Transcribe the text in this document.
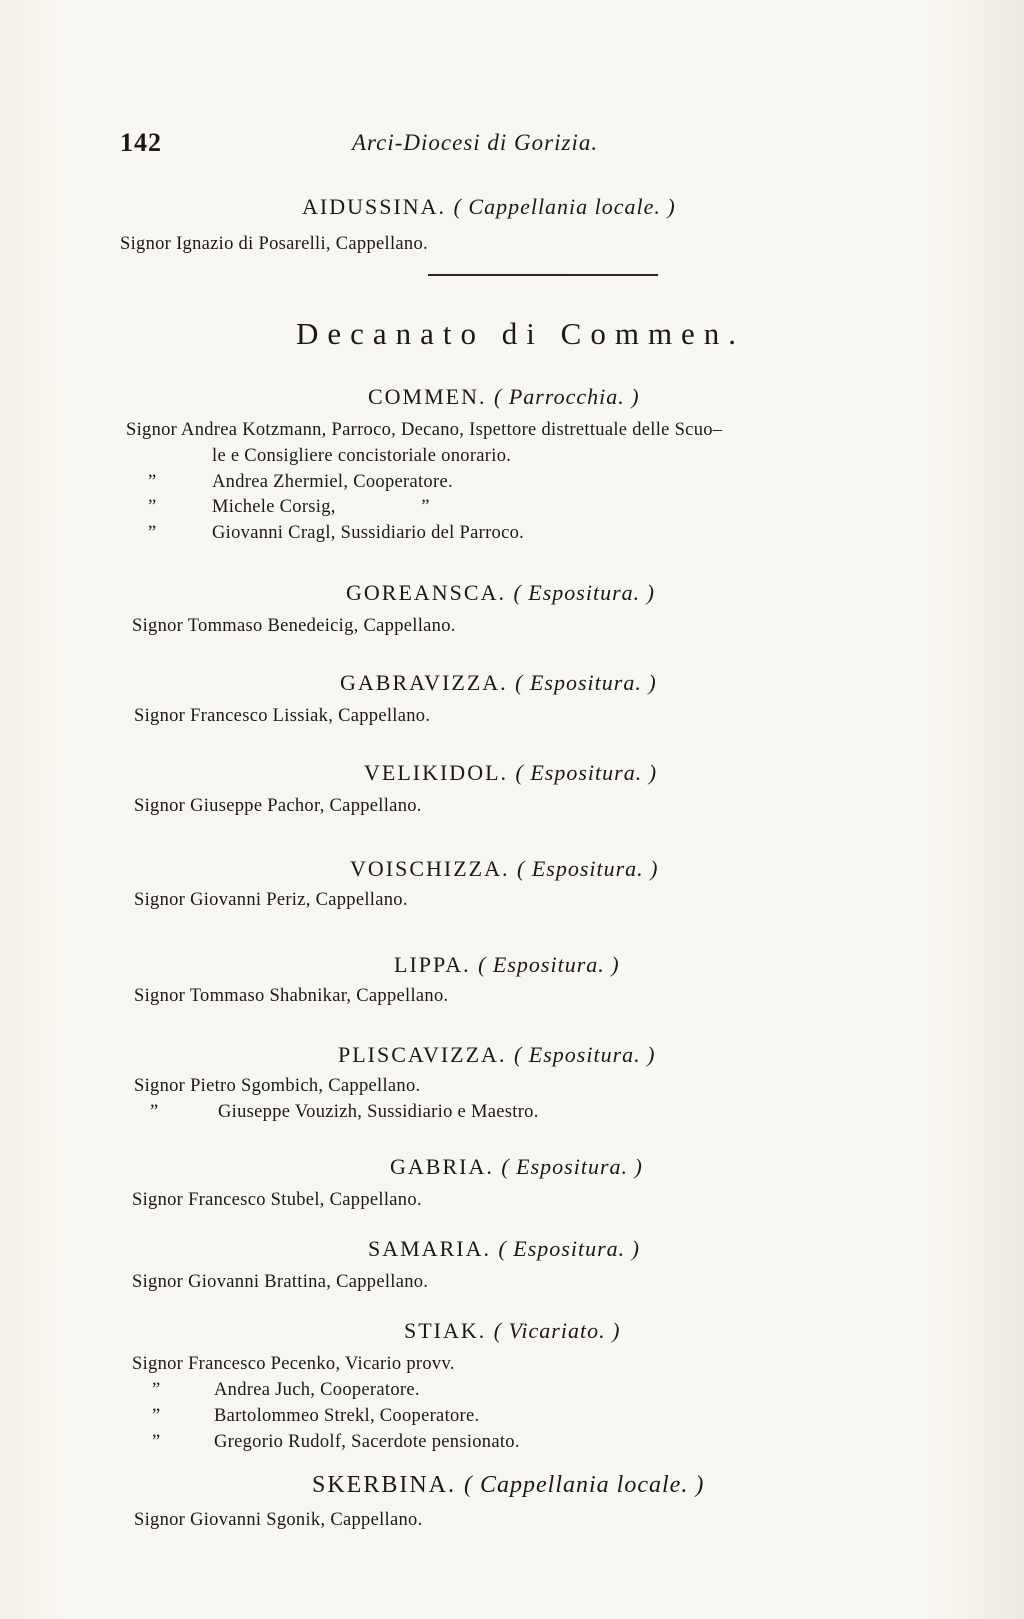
142	Arci-Diocesi di Gorizia.
AIDUSSINA. ( Cappellania locale. )
Signor Ignazio di Posarelli, Cappellano.
Decanato di Commen.
COMMEN. ( Parrocchia. )
Signor Andrea Kotzmann, Parroco, Decano, Ispettore distrettuale delle Scuo–
le e Consigliere concistoriale onorario.
”	Andrea Zhermiel, Cooperatore.
”	Michele Corsig,	”
”	Giovanni Cragl, Sussidiario del Parroco.
GOREANSCA. ( Espositura. )
Signor Tommaso Benedeicig, Cappellano.
GABRAVIZZA. ( Espositura. )
Signor Francesco Lissiak, Cappellano.
VELIKIDOL. ( Espositura. )
Signor Giuseppe Pachor, Cappellano.
VOISCHIZZA. ( Espositura. )
Signor Giovanni Periz, Cappellano.
LIPPA. ( Espositura. )
Signor Tommaso Shabnikar, Cappellano.
PLISCAVIZZA. ( Espositura. )
Signor Pietro Sgombich, Cappellano.
”	Giuseppe Vouzizh, Sussidiario e Maestro.
GABRIA. ( Espositura. )
Signor Francesco Stubel, Cappellano.
SAMARIA. ( Espositura. )
Signor Giovanni Brattina, Cappellano.
STIAK. ( Vicariato. )
Signor Francesco Pecenko, Vicario provv.
”	Andrea Juch, Cooperatore.
”	Bartolommeo Strekl, Cooperatore.
”	Gregorio Rudolf, Sacerdote pensionato.
SKERBINA. ( Cappellania locale. )
Signor Giovanni Sgonik, Cappellano.
